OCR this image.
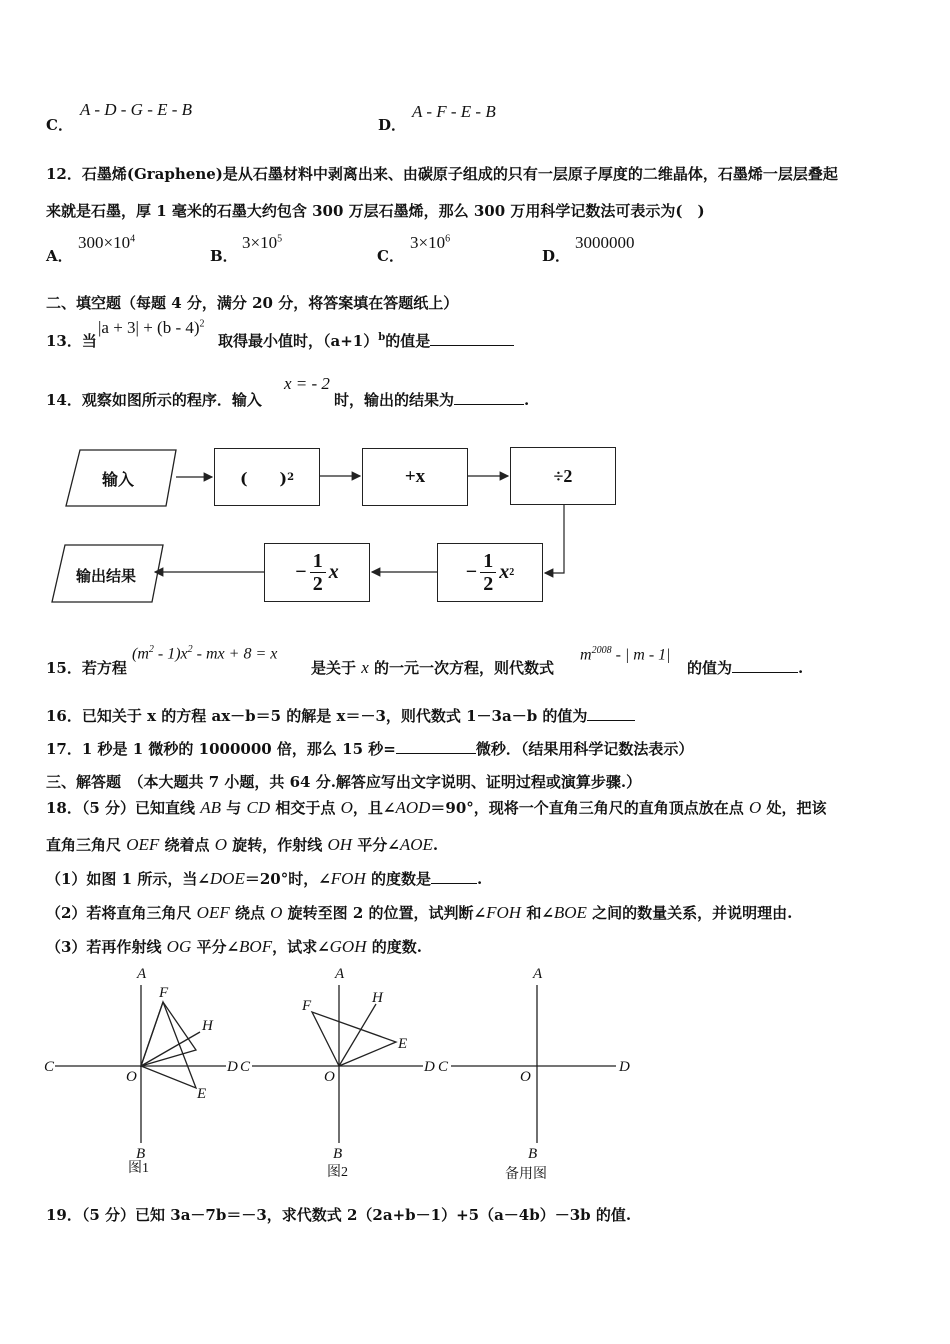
C．
A - D - G - E - B
D．
A - F - E - B
12．石墨烯(Graphene)是从石墨材料中剥离出来、由碳原子组成的只有一层原子厚度的二维晶体，石墨烯一层层叠起
来就是石墨，厚 1 毫米的石墨大约包含 300 万层石墨烯，那么 300 万用科学记数法可表示为(　)
A．
$300\times 10^4$
B．
$3\times 10^5$
C．
$3\times 10^6$
D．
3000000
二、填空题（每题 4 分，满分 20 分，将答案填在答题纸上）
13．当
|a + 3| + (b - 4)$^2$
取得最小值时，$(a+1)^b$的值是
14．观察如图所示的程序．输入
x = - 2
时，输出的结果为	.
输入
输出结果
(　　) 2	+x	÷2
− $\frac{1}{2}$ x 2
− $\frac{1}{2}$ x
15．若方程
$(m^2 - 1)x^2$ - mx + 8 = x
是关于 x 的一元一次方程，则代数式
$m^{2008}$ - | m - 1|
的值为	.
16．已知关于 x 的方程 ax－b＝5 的解是 x＝－3，则代数式 1－3a－b 的值为
17．1 秒是 1 微秒的 1000000 倍，那么 15 秒=	微秒．（结果用科学记数法表示）
三、解答题　（本大题共 7 小题，共 64 分.解答应写出文字说明、证明过程或演算步骤.）
18．（5 分）已知直线 AB 与 CD 相交于点 O，且∠AOD＝90°，现将一个直角三角尺的直角顶点放在点 O 处，把该
直角三角尺 OEF 绕着点 O 旋转，作射线 OH 平分∠AOE.
（1）如图 1 所示，当∠DOE＝20°时，∠FOH 的度数是	.
（2）若将直角三角尺 OEF 绕点 O 旋转至图 2 的位置，试判断∠FOH 和∠BOE 之间的数量关系，并说明理由.
（3）若再作射线 OG 平分∠BOF，试求∠GOH 的度数.
A
C	D
O
B
F
H
E
A
C	D
O
B
F	H
E
A
C	D
O
B
图1	图2	备用图
19．（5 分）已知 3a－7b＝－3，求代数式 2（2a+b－1）+5（a－4b）－3b 的值.
